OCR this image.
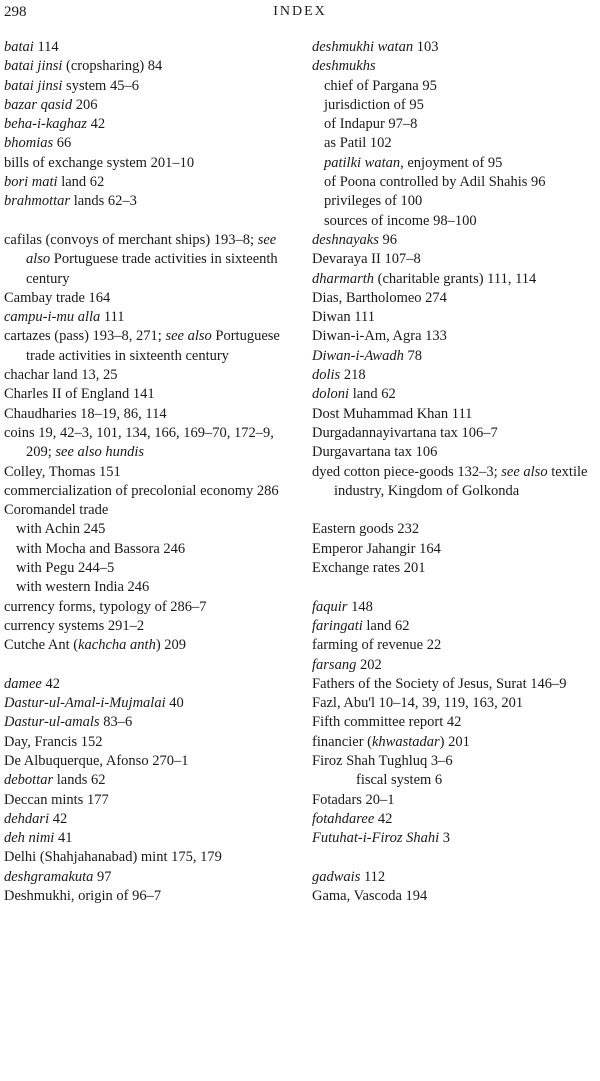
298	INDEX
batai 114
batai jinsi (cropsharing) 84
batai jinsi system 45–6
bazar qasid 206
beha-i-kaghaz 42
bhomias 66
bills of exchange system 201–10
bori mati land 62
brahmottar lands 62–3
cafilas (convoys of merchant ships) 193–8; see also Portuguese trade activities in sixteenth century
Cambay trade 164
campu-i-mu alla 111
cartazes (pass) 193–8, 271; see also Portuguese trade activities in sixteenth century
chachar land 13, 25
Charles II of England 141
Chaudharies 18–19, 86, 114
coins 19, 42–3, 101, 134, 166, 169–70, 172–9, 209; see also hundis
Colley, Thomas 151
commercialization of precolonial economy 286
Coromandel trade
with Achin 245
with Mocha and Bassora 246
with Pegu 244–5
with western India 246
currency forms, typology of 286–7
currency systems 291–2
Cutche Ant (kachcha anth) 209
damee 42
Dastur-ul-Amal-i-Mujmalai 40
Dastur-ul-amals 83–6
Day, Francis 152
De Albuquerque, Afonso 270–1
debottar lands 62
Deccan mints 177
dehdari 42
deh nimi 41
Delhi (Shahjahanabad) mint 175, 179
deshgramakuta 97
Deshmukhi, origin of 96–7
deshmukhi watan 103
deshmukhs
chief of Pargana 95
jurisdiction of 95
of Indapur 97–8
as Patil 102
patilki watan, enjoyment of 95
of Poona controlled by Adil Shahis 96
privileges of 100
sources of income 98–100
deshnayaks 96
Devaraya II 107–8
dharmarth (charitable grants) 111, 114
Dias, Bartholomeo 274
Diwan 111
Diwan-i-Am, Agra 133
Diwan-i-Awadh 78
dolis 218
doloni land 62
Dost Muhammad Khan 111
Durgadannayivartana tax 106–7
Durgavartana tax 106
dyed cotton piece-goods 132–3; see also textile industry, Kingdom of Golkonda
Eastern goods 232
Emperor Jahangir 164
Exchange rates 201
faquir 148
faringati land 62
farming of revenue 22
farsang 202
Fathers of the Society of Jesus, Surat 146–9
Fazl, Abu'l 10–14, 39, 119, 163, 201
Fifth committee report 42
financier (khwastadar) 201
Firoz Shah Tughluq 3–6
fiscal system 6
Fotadars 20–1
fotahdaree 42
Futuhat-i-Firoz Shahi 3
gadwais 112
Gama, Vascoda 194
